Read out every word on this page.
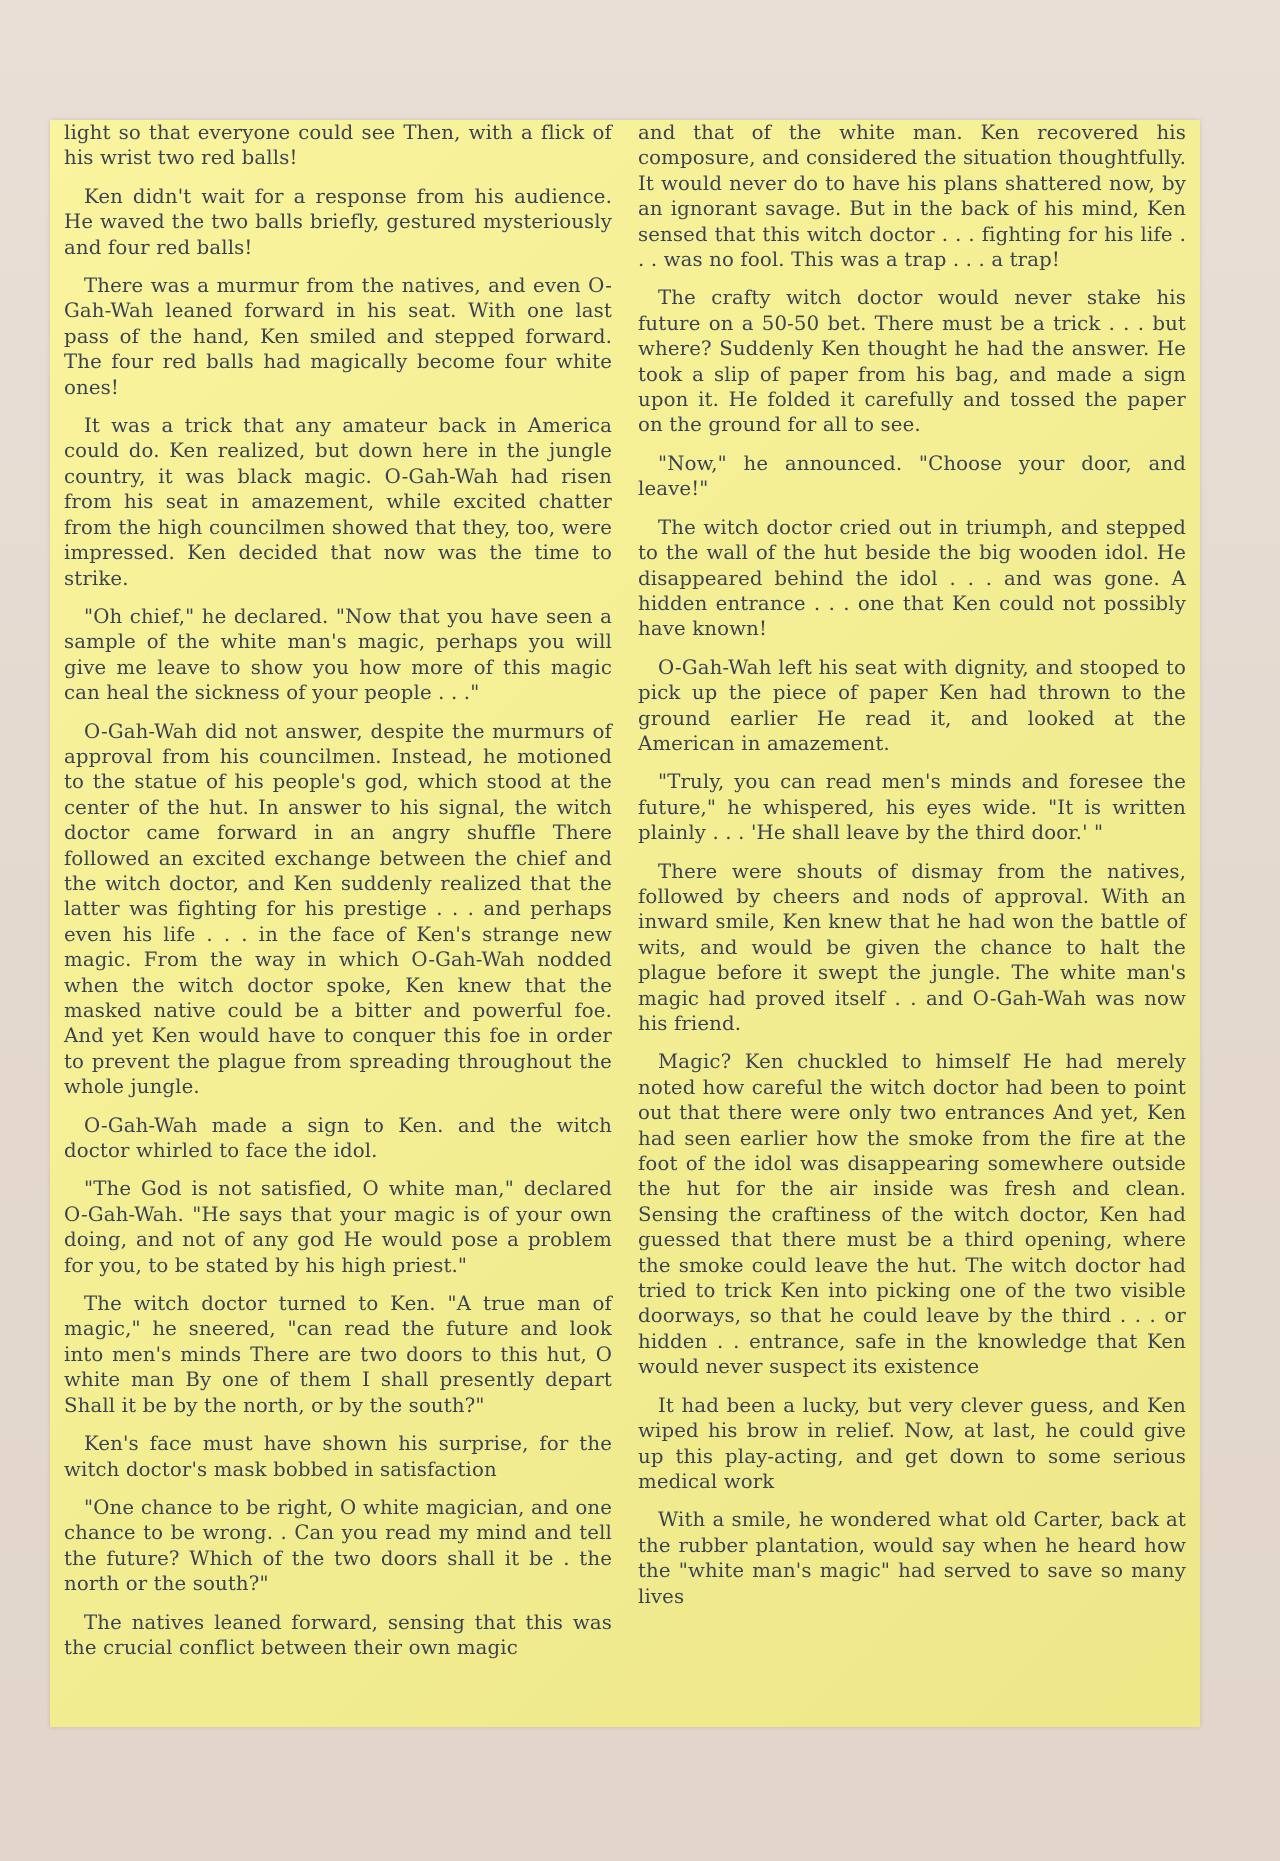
light so that everyone could see Then, with a flick of his wrist two red balls!

Ken didn't wait for a response from his audience. He waved the two balls briefly, gestured mysteriously and four red balls!

There was a murmur from the natives, and even O-Gah-Wah leaned forward in his seat. With one last pass of the hand, Ken smiled and stepped forward. The four red balls had magically become four white ones!

It was a trick that any amateur back in America could do. Ken realized, but down here in the jungle country, it was black magic. O-Gah-Wah had risen from his seat in amazement, while excited chatter from the high councilmen showed that they, too, were impressed. Ken decided that now was the time to strike.

"Oh chief," he declared. "Now that you have seen a sample of the white man's magic, perhaps you will give me leave to show you how more of this magic can heal the sickness of your people . . ."

O-Gah-Wah did not answer, despite the murmurs of approval from his councilmen. Instead, he motioned to the statue of his people's god, which stood at the center of the hut. In answer to his signal, the witch doctor came forward in an angry shuffle There followed an excited exchange between the chief and the witch doctor, and Ken suddenly realized that the latter was fighting for his prestige . . . and perhaps even his life . . . in the face of Ken's strange new magic. From the way in which O-Gah-Wah nodded when the witch doctor spoke, Ken knew that the masked native could be a bitter and powerful foe. And yet Ken would have to conquer this foe in order to prevent the plague from spreading throughout the whole jungle.

O-Gah-Wah made a sign to Ken. and the witch doctor whirled to face the idol.

"The God is not satisfied, O white man," declared O-Gah-Wah. "He says that your magic is of your own doing, and not of any god He would pose a problem for you, to be stated by his high priest."

The witch doctor turned to Ken. "A true man of magic," he sneered, "can read the future and look into men's minds There are two doors to this hut, O white man By one of them I shall presently depart Shall it be by the north, or by the south?"

Ken's face must have shown his surprise, for the witch doctor's mask bobbed in satisfaction

"One chance to be right, O white magician, and one chance to be wrong. . Can you read my mind and tell the future? Which of the two doors shall it be . the north or the south?"

The natives leaned forward, sensing that this was the crucial conflict between their own magic

and that of the white man. Ken recovered his composure, and considered the situation thoughtfully. It would never do to have his plans shattered now, by an ignorant savage. But in the back of his mind, Ken sensed that this witch doctor . . . fighting for his life . . . was no fool. This was a trap . . . a trap!

The crafty witch doctor would never stake his future on a 50-50 bet. There must be a trick . . . but where? Suddenly Ken thought he had the answer. He took a slip of paper from his bag, and made a sign upon it. He folded it carefully and tossed the paper on the ground for all to see.

"Now," he announced. "Choose your door, and leave!"

The witch doctor cried out in triumph, and stepped to the wall of the hut beside the big wooden idol. He disappeared behind the idol . . . and was gone. A hidden entrance . . . one that Ken could not possibly have known!

O-Gah-Wah left his seat with dignity, and stooped to pick up the piece of paper Ken had thrown to the ground earlier He read it, and looked at the American in amazement.

"Truly, you can read men's minds and foresee the future," he whispered, his eyes wide. "It is written plainly . . . 'He shall leave by the third door.' "

There were shouts of dismay from the natives, followed by cheers and nods of approval. With an inward smile, Ken knew that he had won the battle of wits, and would be given the chance to halt the plague before it swept the jungle. The white man's magic had proved itself . . and O-Gah-Wah was now his friend.

Magic? Ken chuckled to himself He had merely noted how careful the witch doctor had been to point out that there were only two entrances And yet, Ken had seen earlier how the smoke from the fire at the foot of the idol was disappearing somewhere outside the hut for the air inside was fresh and clean. Sensing the craftiness of the witch doctor, Ken had guessed that there must be a third opening, where the smoke could leave the hut. The witch doctor had tried to trick Ken into picking one of the two visible doorways, so that he could leave by the third . . . or hidden . . entrance, safe in the knowledge that Ken would never suspect its existence

It had been a lucky, but very clever guess, and Ken wiped his brow in relief. Now, at last, he could give up this play-acting, and get down to some serious medical work

With a smile, he wondered what old Carter, back at the rubber plantation, would say when he heard how the "white man's magic" had served to save so many lives
